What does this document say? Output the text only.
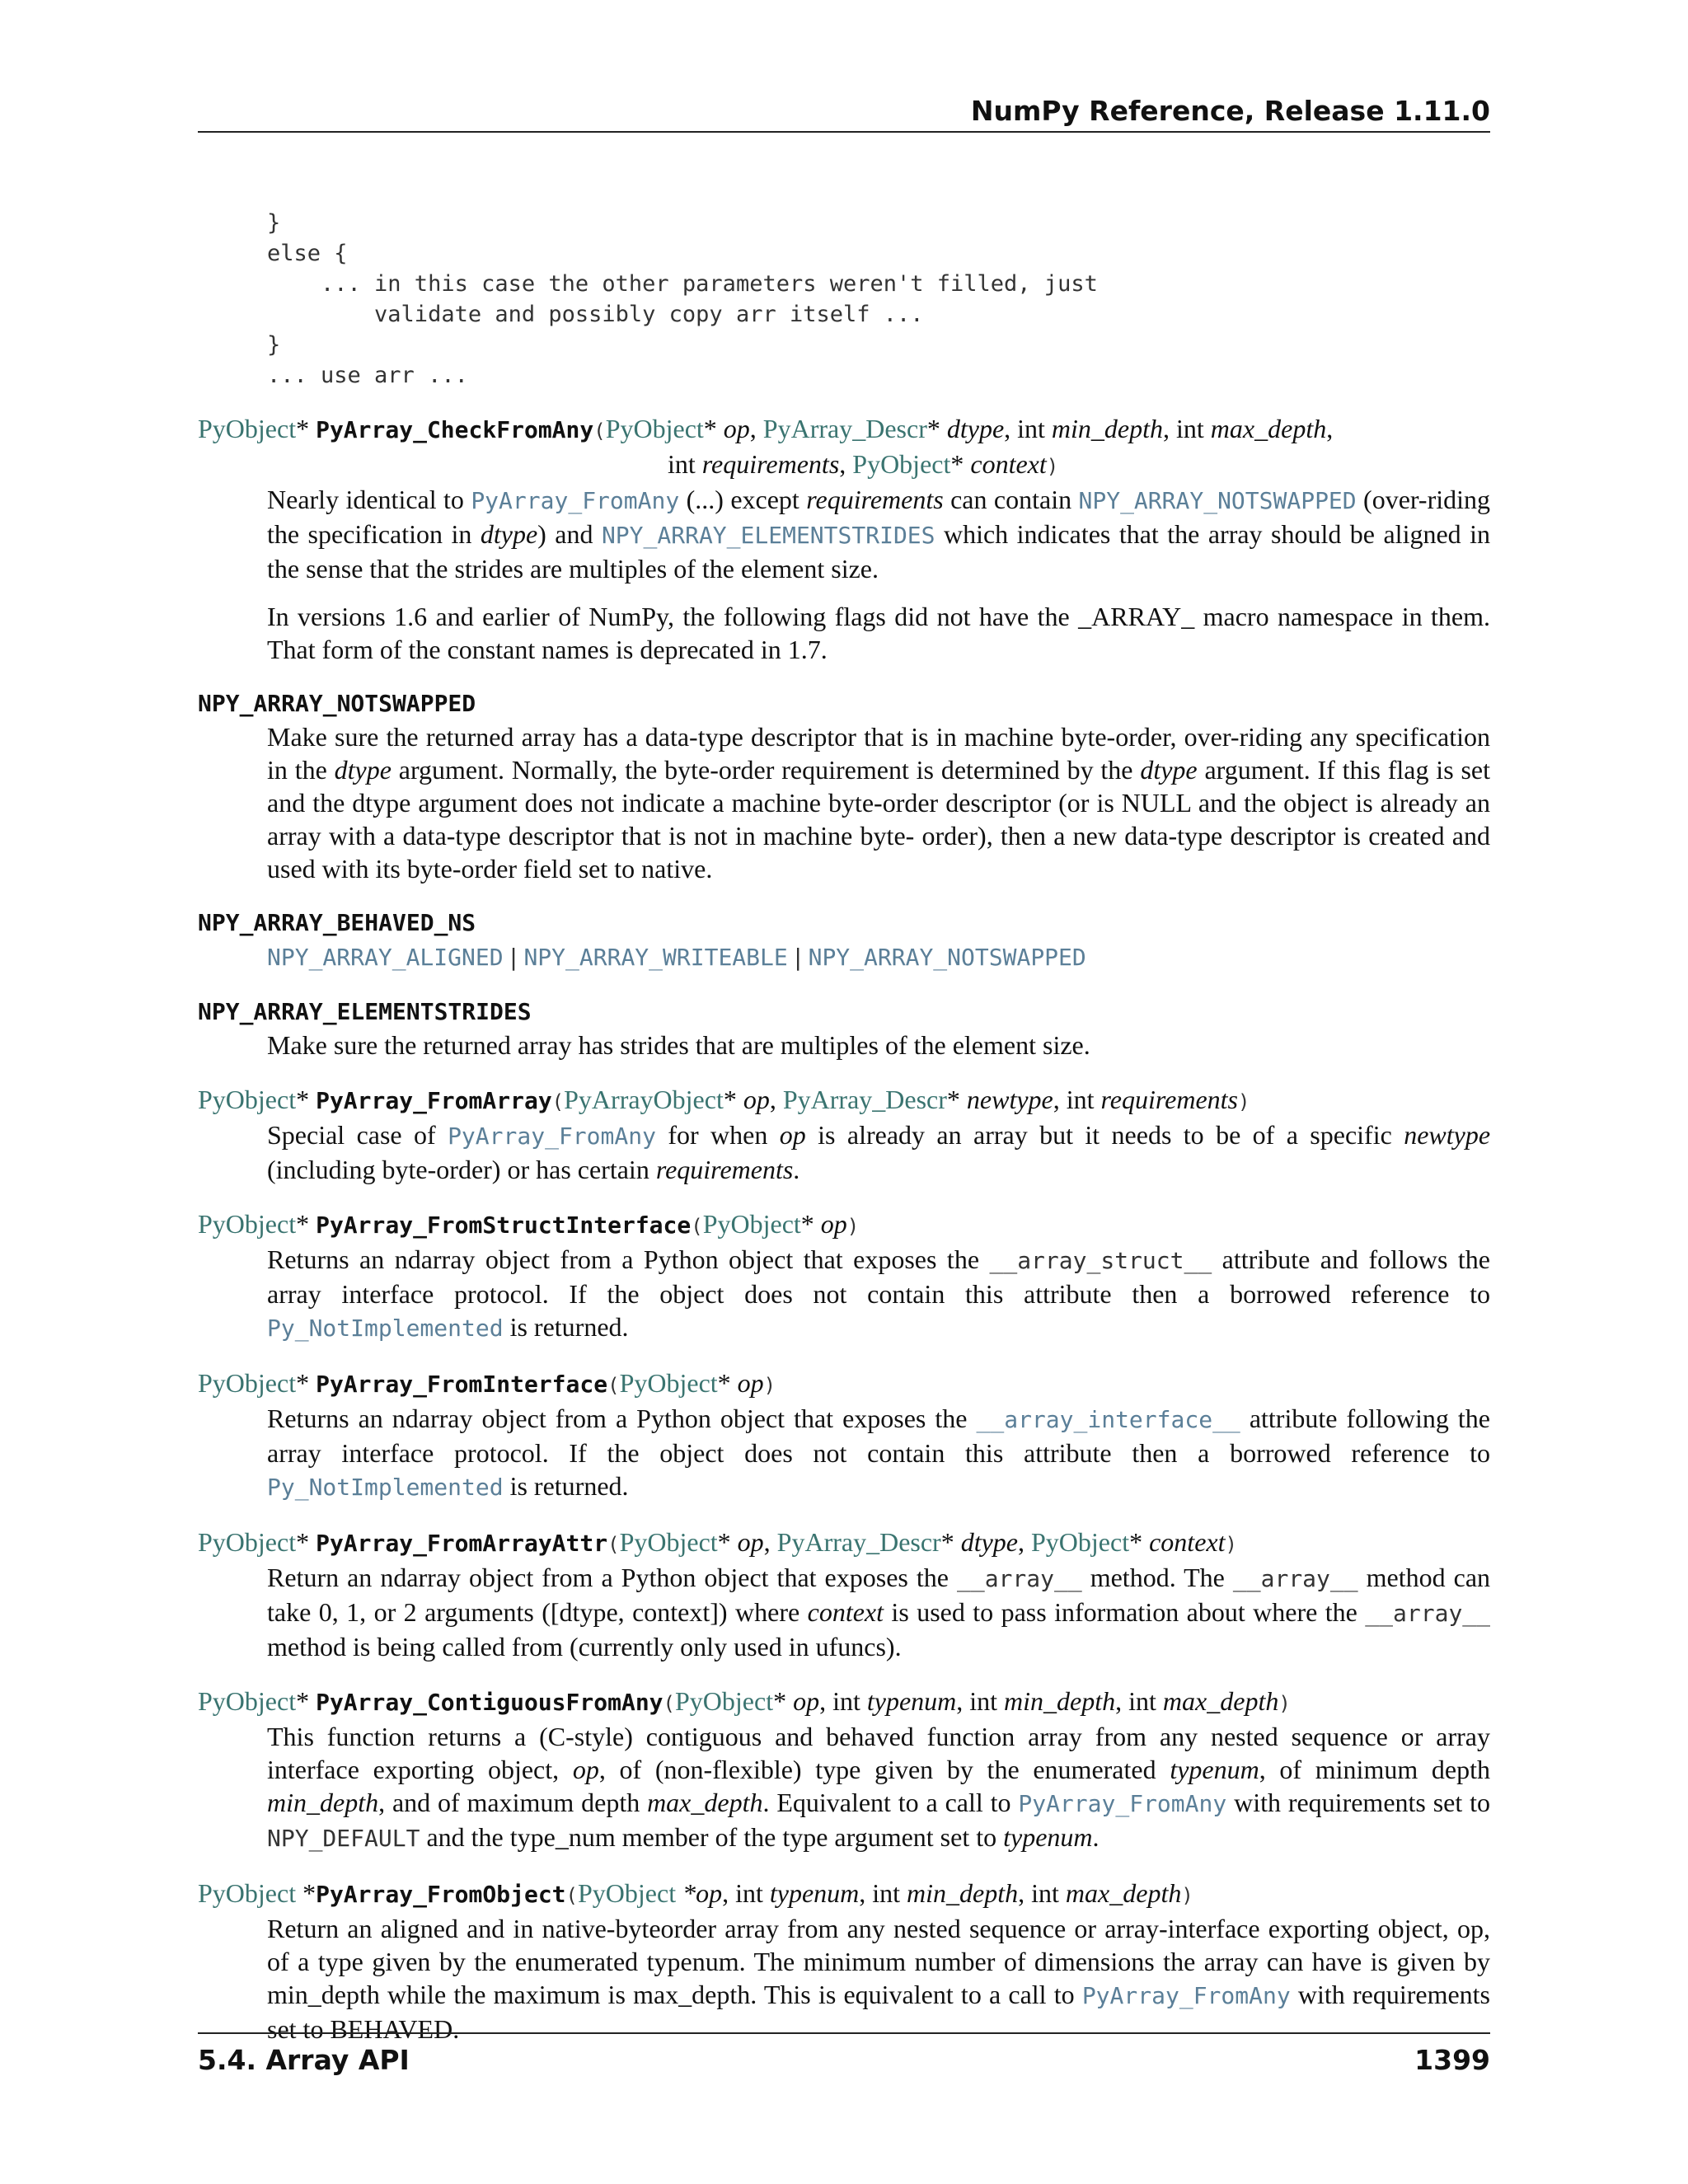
NumPy Reference, Release 1.11.0
}
else {
... in this case the other parameters weren't filled, just
validate and possibly copy arr itself ...
}
... use arr ...
PyObject* PyArray_CheckFromAny(PyObject* op, PyArray_Descr* dtype, int min_depth, int max_depth,
int requirements, PyObject* context)

Nearly identical to PyArray_FromAny (...) except requirements can contain NPY_ARRAY_NOTSWAPPED (over-riding the specification in dtype) and NPY_ARRAY_ELEMENTSTRIDES which indicates that the array should be aligned in the sense that the strides are multiples of the element size.

In versions 1.6 and earlier of NumPy, the following flags did not have the _ARRAY_ macro namespace in them. That form of the constant names is deprecated in 1.7.

NPY_ARRAY_NOTSWAPPED

Make sure the returned array has a data-type descriptor that is in machine byte-order, over-riding any specification in the dtype argument. Normally, the byte-order requirement is determined by the dtype argument. If this flag is set and the dtype argument does not indicate a machine byte-order descriptor (or is NULL and the object is already an array with a data-type descriptor that is not in machine byte- order), then a new data-type descriptor is created and used with its byte-order field set to native.

NPY_ARRAY_BEHAVED_NS

NPY_ARRAY_ALIGNED | NPY_ARRAY_WRITEABLE | NPY_ARRAY_NOTSWAPPED

NPY_ARRAY_ELEMENTSTRIDES

Make sure the returned array has strides that are multiples of the element size.

PyObject* PyArray_FromArray(PyArrayObject* op, PyArray_Descr* newtype, int requirements)

Special case of PyArray_FromAny for when op is already an array but it needs to be of a specific newtype (including byte-order) or has certain requirements.

PyObject* PyArray_FromStructInterface(PyObject* op)

Returns an ndarray object from a Python object that exposes the __array_struct__ attribute and follows the array interface protocol. If the object does not contain this attribute then a borrowed reference to Py_NotImplemented is returned.

PyObject* PyArray_FromInterface(PyObject* op)

Returns an ndarray object from a Python object that exposes the __array_interface__ attribute following the array interface protocol. If the object does not contain this attribute then a borrowed reference to Py_NotImplemented is returned.

PyObject* PyArray_FromArrayAttr(PyObject* op, PyArray_Descr* dtype, PyObject* context)

Return an ndarray object from a Python object that exposes the __array__ method. The __array__ method can take 0, 1, or 2 arguments ([dtype, context]) where context is used to pass information about where the __array__ method is being called from (currently only used in ufuncs).

PyObject* PyArray_ContiguousFromAny(PyObject* op, int typenum, int min_depth, int max_depth)

This function returns a (C-style) contiguous and behaved function array from any nested sequence or array interface exporting object, op, of (non-flexible) type given by the enumerated typenum, of minimum depth min_depth, and of maximum depth max_depth. Equivalent to a call to PyArray_FromAny with requirements set to NPY_DEFAULT and the type_num member of the type argument set to typenum.

PyObject *PyArray_FromObject(PyObject *op, int typenum, int min_depth, int max_depth)

Return an aligned and in native-byteorder array from any nested sequence or array-interface exporting object, op, of a type given by the enumerated typenum. The minimum number of dimensions the array can have is given by min_depth while the maximum is max_depth. This is equivalent to a call to PyArray_FromAny with requirements set to BEHAVED.

5.4. Array API	1399
